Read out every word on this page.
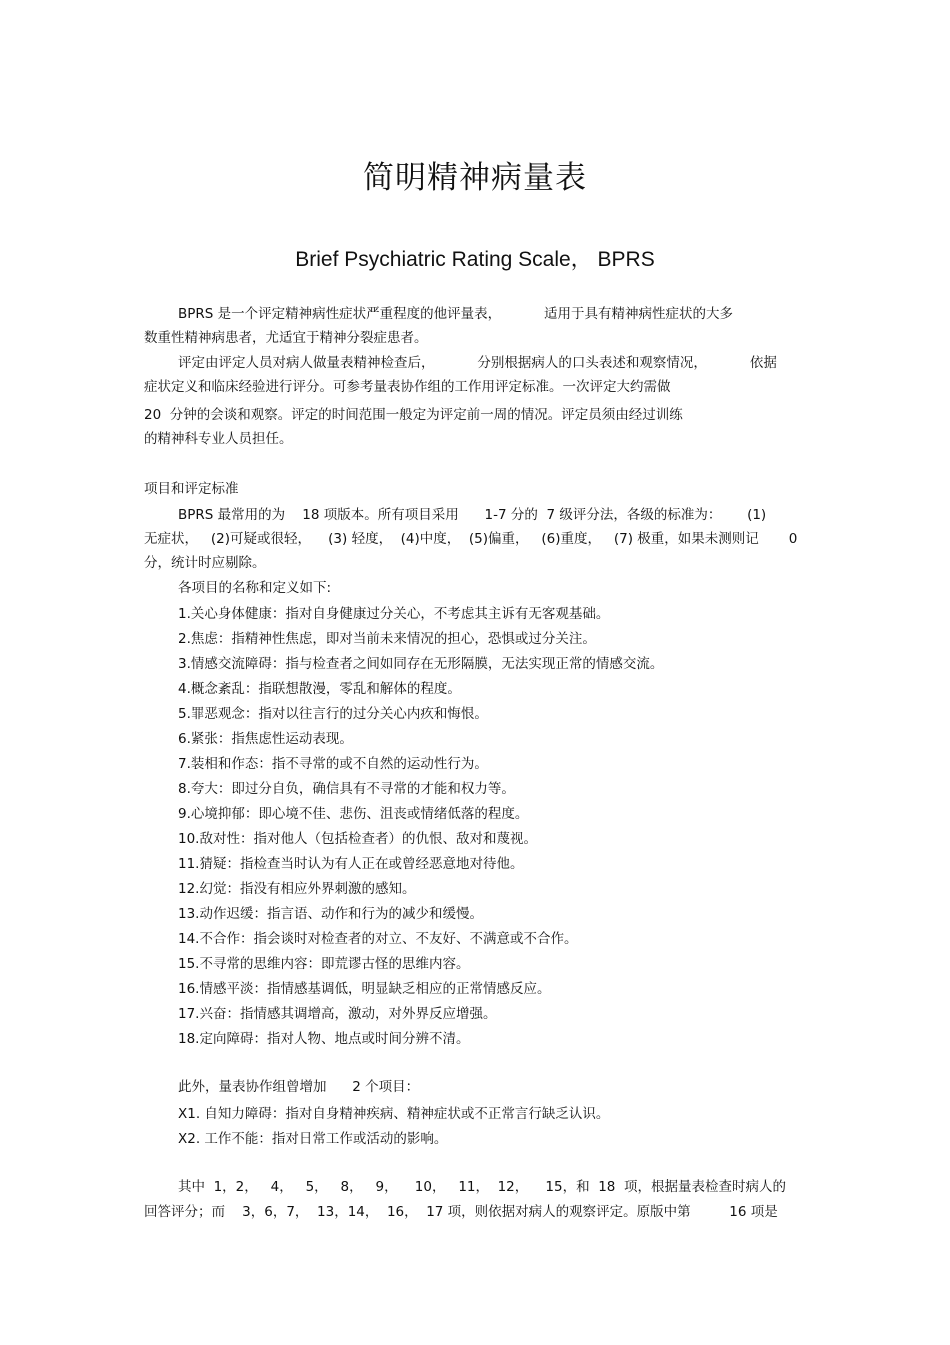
简明精神病量表
Brief Psychiatric Rating Scale， BPRS
BPRS 是一个评定精神病性症状严重程度的他评量表，          适用于具有精神病性症状的大多
数重性精神病患者，尤适宜于精神分裂症患者。
评定由评定人员对病人做量表精神检查后，          分别根据病人的口头表述和观察情况，          依据
症状定义和临床经验进行评分。可参考量表协作组的工作用评定标准。一次评定大约需做
20  分钟的会谈和观察。评定的时间范围一般定为评定前一周的情况。评定员须由经过训练
的精神科专业人员担任。
项目和评定标准
BPRS 最常用的为    18 项版本。所有项目采用      1-7 分的  7 级评分法，各级的标准为：      (1)
无症状，   (2)可疑或很轻，    (3) 轻度，  (4)中度，  (5)偏重，   (6)重度，   (7) 极重，如果未测则记       0
分，统计时应剔除。
各项目的名称和定义如下:
1.关心身体健康：指对自身健康过分关心，不考虑其主诉有无客观基础。
2.焦虑：指精神性焦虑，即对当前未来情况的担心，恐惧或过分关注。
3.情感交流障碍：指与检查者之间如同存在无形隔膜，无法实现正常的情感交流。
4.概念紊乱：指联想散漫，零乱和解体的程度。
5.罪恶观念：指对以往言行的过分关心内疚和悔恨。
6.紧张：指焦虑性运动表现。
7.装相和作态：指不寻常的或不自然的运动性行为。
8.夸大：即过分自负，确信具有不寻常的才能和权力等。
9.心境抑郁：即心境不佳、悲伤、沮丧或情绪低落的程度。
10.敌对性：指对他人（包括检查者）的仇恨、敌对和蔑视。
11.猜疑：指检查当时认为有人正在或曾经恶意地对待他。
12.幻觉：指没有相应外界刺激的感知。
13.动作迟缓：指言语、动作和行为的减少和缓慢。
14.不合作：指会谈时对检查者的对立、不友好、不满意或不合作。
15.不寻常的思维内容：即荒谬古怪的思维内容。
16.情感平淡：指情感基调低，明显缺乏相应的正常情感反应。
17.兴奋：指情感其调增高，激动，对外界反应增强。
18.定向障碍：指对人物、地点或时间分辨不清。
此外，量表协作组曾增加      2 个项目：
X1. 自知力障碍：指对自身精神疾病、精神症状或不正常言行缺乏认识。
X2. 工作不能：指对日常工作或活动的影响。
其中  1，2，   4，   5，   8，   9，    10，   11，  12，    15，和  18  项，根据量表检查时病人的
回答评分；而    3，6，7，  13，14，  16，  17 项，则依据对病人的观察评定。原版中第         16 项是
